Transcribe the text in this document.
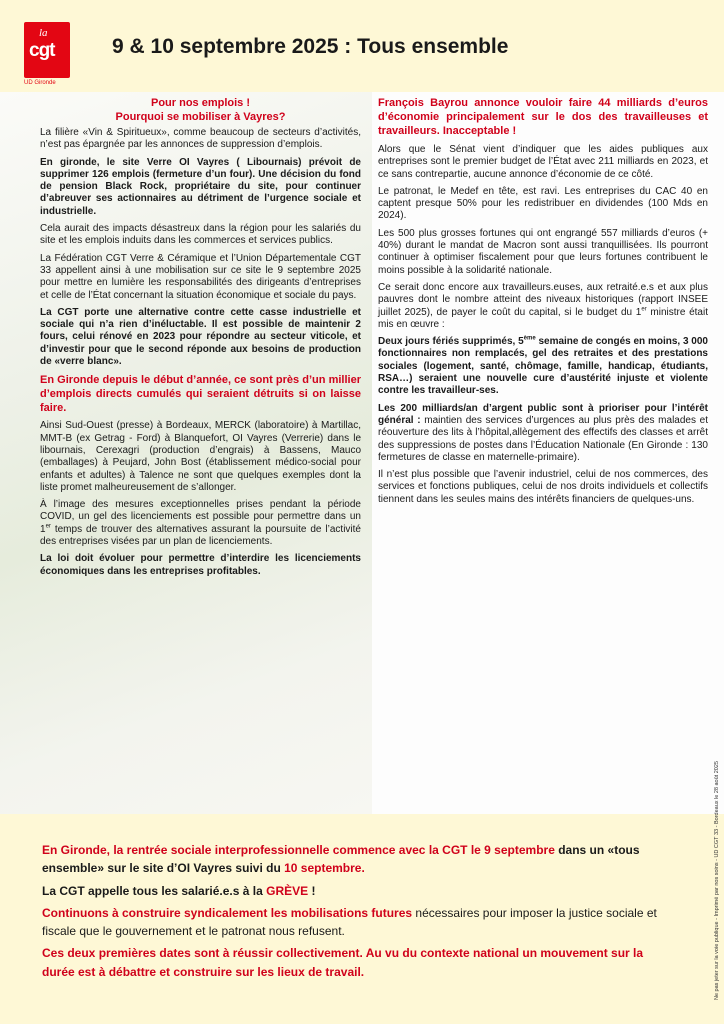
la
cgt
UD Gironde
9 & 10 septembre 2025 : Tous ensemble
Pour nos emplois !
Pourquoi se mobiliser à Vayres?

La filière «Vin & Spiritueux», comme beaucoup de secteurs d’activités, n’est pas épargnée par les annonces de suppression d’emplois.

En gironde, le site Verre OI Vayres ( Libournais) prévoit de supprimer 126 emplois (fermeture d’un four). Une décision du fond de pension Black Rock, propriétaire du site, pour continuer d’abreuver ses actionnaires au détriment de l’urgence sociale et industrielle.

Cela aurait des impacts désastreux dans la région pour les salariés du site et les emplois induits dans les commerces et services publics.

La Fédération CGT Verre & Céramique et l’Union Départementale CGT 33 appellent ainsi à une mobilisation sur ce site le 9 septembre 2025 pour mettre en lumière les responsabilités des dirigeants d’entreprises et celle de l’État concernant la situation économique et sociale du pays.

La CGT porte une alternative contre cette casse industrielle et sociale qui n’a rien d’inéluctable. Il est possible de maintenir 2 fours, celui rénové en 2023 pour répondre au secteur viticole, et d’investir pour que le second réponde aux besoins de production de «verre blanc».

En Gironde depuis le début d’année, ce sont près d’un millier d’emplois directs cumulés qui seraient détruits si on laisse faire.

Ainsi Sud-Ouest (presse) à Bordeaux, MERCK (laboratoire) à Martillac, MMT-B (ex Getrag - Ford) à Blanquefort, OI Vayres (Verrerie) dans le libournais, Cerexagri (production d’engrais) à Bassens, Mauco (emballages) à Peujard, John Bost (établissement médico-social pour enfants et adultes) à Talence ne sont que quelques exemples dont la liste promet malheureusement de s’allonger.

À l’image des mesures exceptionnelles prises pendant la période COVID, un gel des licenciements est possible pour permettre dans un 1er temps de trouver des alternatives assurant la poursuite de l’activité des entreprises visées par un plan de licenciements.

La loi doit évoluer pour permettre d’interdire les licenciements économiques dans les entreprises profitables.

François Bayrou annonce vouloir faire 44 milliards d’euros d’économie principalement sur le dos des travailleuses et travailleurs. Inacceptable !

Alors que le Sénat vient d’indiquer que les aides publiques aux entreprises sont le premier budget de l’État avec 211 milliards en 2023, et ce sans contrepartie, aucune annonce d’économie de ce côté.

Le patronat, le Medef en tête, est ravi. Les entreprises du CAC 40 en captent presque 50% pour les redistribuer en dividendes (100 Mds en 2024).

Les 500 plus grosses fortunes qui ont engrangé 557 milliards d’euros (+ 40%) durant le mandat de Macron sont aussi tranquillisées. Ils pourront continuer à optimiser fiscalement pour que leurs fortunes contribuent le moins possible à la solidarité nationale.

Ce serait donc encore aux travailleurs.euses, aux retraité.e.s et aux plus pauvres dont le nombre atteint des niveaux historiques (rapport INSEE juillet 2025), de payer le coût du capital, si le budget du 1er ministre était mis en œuvre :

Deux jours fériés supprimés, 5ème semaine de congés en moins, 3 000 fonctionnaires non remplacés, gel des retraites et des prestations sociales (logement, santé, chômage, famille, handicap, étudiants, RSA…) seraient une nouvelle cure d’austérité injuste et violente contre les travailleur-ses.

Les 200 milliards/an d’argent public sont à prioriser pour l’intérêt général : maintien des services d’urgences au plus près des malades et réouverture des lits à l’hôpital,allègement des effectifs des classes et arrêt des suppressions de postes dans l’Éducation Nationale (En Gironde : 130 fermetures de classe en maternelle-primaire).

Il n’est plus possible que l’avenir industriel, celui de nos commerces, des services et fonctions publiques, celui de nos droits individuels et collectifs tiennent dans les seules mains des intérêts financiers de quelques-uns.

En Gironde, la rentrée sociale interprofessionnelle commence avec la CGT le 9 septembre dans un «tous ensemble» sur le site d’OI Vayres suivi du 10 septembre.

La CGT appelle tous les salarié.e.s à la GRÈVE !

Continuons à construire syndicalement les mobilisations futures nécessaires pour imposer la justice sociale et fiscale que le gouvernement et le patronat nous refusent.

Ces deux premières dates sont à réussir collectivement. Au vu du contexte national un mouvement sur la durée est à débattre et construire sur les lieux de travail.	Ne pas jeter sur la voie publique - Imprimé par nos soins - UD CGT 33 - Bordeaux le 28 août 2025
